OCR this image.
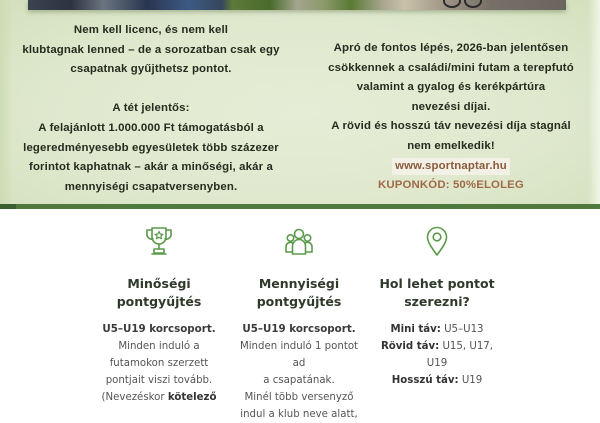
Nem kell licenc, és nem kell
klubtagnak lenned – de a sorozatban csak egy
csapatnak gyűjthetsz pontot.
A tét jelentős:
A felajánlott 1.000.000 Ft támogatásból a
legeredményesebb egyesületek több százezer
forintot kaphatnak – akár a minőségi, akár a
mennyiségi csapatversenyben.
Apró de fontos lépés, 2026-ban jelentősen
csökkennek a családi/mini futam a terepfutó
valamint a gyalog és kerékpártúra
nevezési díjai.
A rövid és hosszú táv nevezési díja stagnál
nem emelkedik!
www.sportnaptar.hu
KUPONKÓD: 50%ELOLEG
Minőségi
pontgyűjtés
U5–U19 korcsoport.
Minden induló a
futamokon szerzett
pontjait viszi tovább.
(Nevezéskor kötelező
Mennyiségi
pontgyűjtés
U5–U19 korcsoport.
Minden induló 1 pontot ad
a csapatának.
Minél több versenyző
indul a klub neve alatt,
Hol lehet pontot
szerezni?
Mini táv: U5–U13
Rövid táv: U15, U17,
U19
Hosszú táv: U19
